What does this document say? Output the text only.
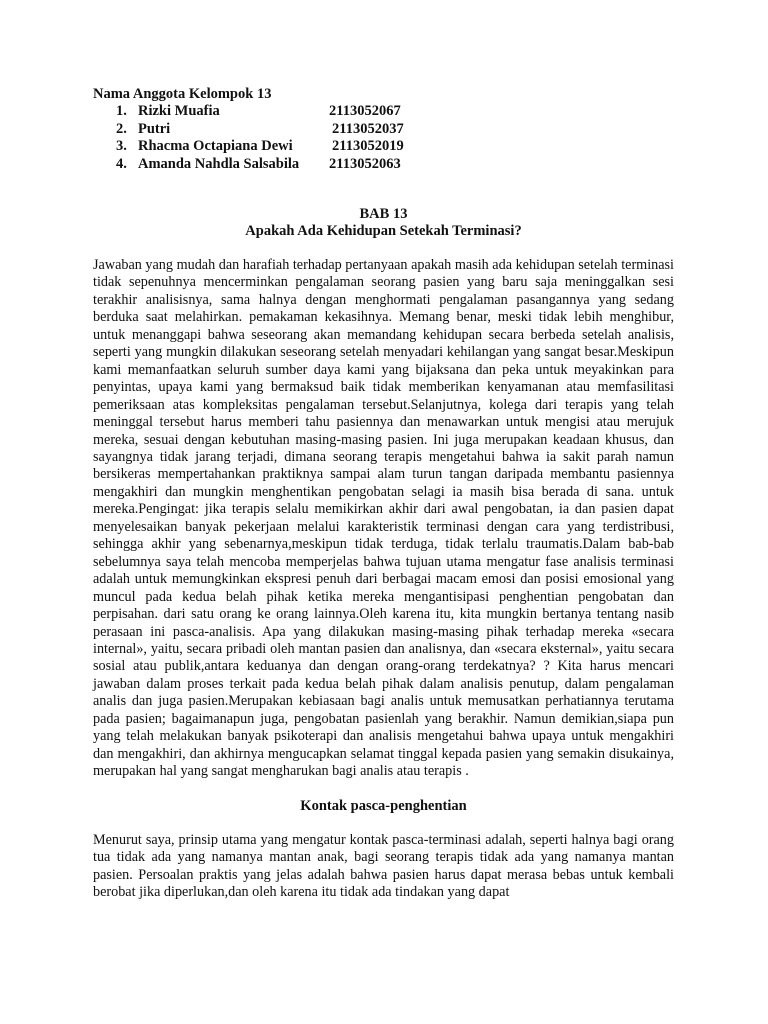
Nama Anggota Kelompok 13

1. Rizki Muafia	2113052067
2. Putri	2113052037
3. Rhacma Octapiana Dewi	2113052019
4. Amanda Nahdla Salsabila 2113052063

BAB 13

Apakah Ada Kehidupan Setekah Terminasi?

Jawaban yang mudah dan harafiah terhadap pertanyaan apakah masih ada kehidupan setelah terminasi tidak sepenuhnya mencerminkan pengalaman seorang pasien yang baru saja meninggalkan sesi terakhir analisisnya, sama halnya dengan menghormati pengalaman pasangannya yang sedang berduka saat melahirkan. pemakaman kekasihnya. Memang benar, meski tidak lebih menghibur, untuk menanggapi bahwa seseorang akan memandang kehidupan secara berbeda setelah analisis, seperti yang mungkin dilakukan seseorang setelah menyadari kehilangan yang sangat besar.Meskipun kami memanfaatkan seluruh sumber daya kami yang bijaksana dan peka untuk meyakinkan para penyintas, upaya kami yang bermaksud baik tidak memberikan kenyamanan atau memfasilitasi pemeriksaan atas kompleksitas pengalaman tersebut.Selanjutnya, kolega dari terapis yang telah meninggal tersebut harus memberi tahu pasiennya dan menawarkan untuk mengisi atau merujuk mereka, sesuai dengan kebutuhan masing-masing pasien. Ini juga merupakan keadaan khusus, dan sayangnya tidak jarang terjadi, dimana seorang terapis mengetahui bahwa ia sakit parah namun bersikeras mempertahankan praktiknya sampai alam turun tangan daripada membantu pasiennya mengakhiri dan mungkin menghentikan pengobatan selagi ia masih bisa berada di sana. untuk mereka.Pengingat: jika terapis selalu memikirkan akhir dari awal pengobatan, ia dan pasien dapat menyelesaikan banyak pekerjaan melalui karakteristik terminasi dengan cara yang terdistribusi, sehingga akhir yang sebenarnya,meskipun tidak terduga, tidak terlalu traumatis.Dalam bab-bab sebelumnya saya telah mencoba memperjelas bahwa tujuan utama mengatur fase analisis terminasi adalah untuk memungkinkan ekspresi penuh dari berbagai macam emosi dan posisi emosional yang muncul pada kedua belah pihak ketika mereka mengantisipasi penghentian pengobatan dan perpisahan. dari satu orang ke orang lainnya.Oleh karena itu, kita mungkin bertanya tentang nasib perasaan ini pasca-analisis. Apa yang dilakukan masing-masing pihak terhadap mereka «secara internal», yaitu, secara pribadi oleh mantan pasien dan analisnya, dan «secara eksternal», yaitu secara sosial atau publik,antara keduanya dan dengan orang-orang terdekatnya? ? Kita harus mencari jawaban dalam proses terkait pada kedua belah pihak dalam analisis penutup, dalam pengalaman analis dan juga pasien.Merupakan kebiasaan bagi analis untuk memusatkan perhatiannya terutama pada pasien; bagaimanapun juga, pengobatan pasienlah yang berakhir. Namun demikian,siapa pun yang telah melakukan banyak psikoterapi dan analisis mengetahui bahwa upaya untuk mengakhiri dan mengakhiri, dan akhirnya mengucapkan selamat tinggal kepada pasien yang semakin disukainya, merupakan hal yang sangat mengharukan bagi analis atau terapis .

Kontak pasca-penghentian

Menurut saya, prinsip utama yang mengatur kontak pasca-terminasi adalah, seperti halnya bagi orang tua tidak ada yang namanya mantan anak, bagi seorang terapis tidak ada yang namanya mantan pasien. Persoalan praktis yang jelas adalah bahwa pasien harus dapat merasa bebas untuk kembali berobat jika diperlukan,dan oleh karena itu tidak ada tindakan yang dapat
